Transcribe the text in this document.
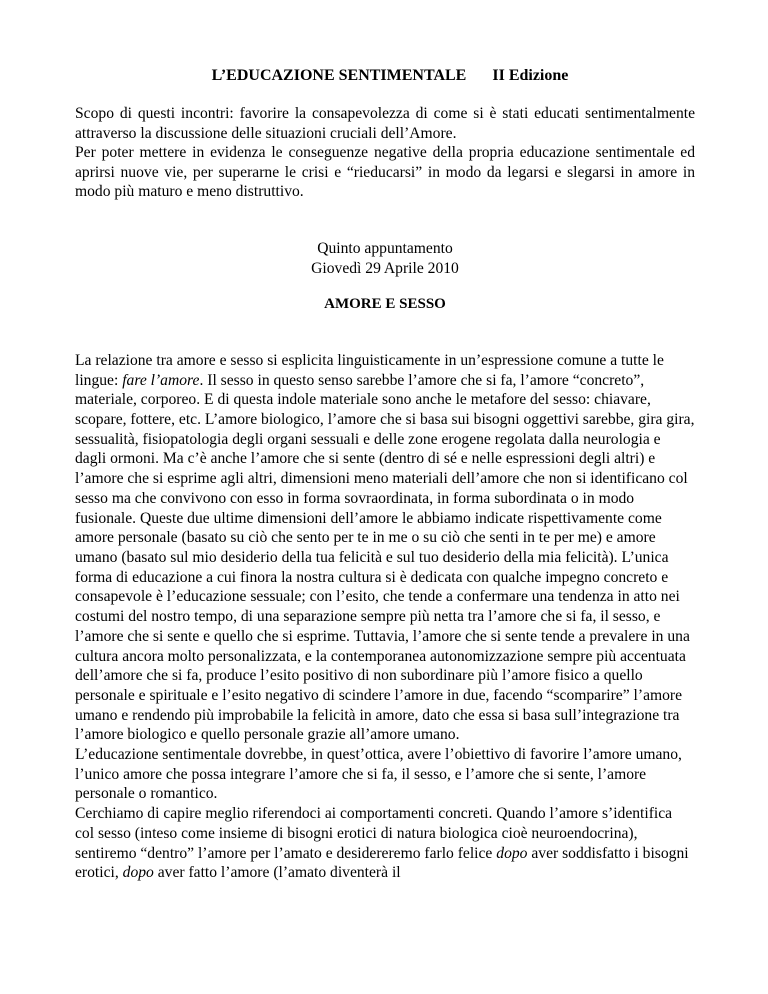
L’EDUCAZIONE SENTIMENTALE II Edizione

Scopo di questi incontri: favorire la consapevolezza di come si è stati educati sentimentalmente attraverso la discussione delle situazioni cruciali dell’Amore.

Per poter mettere in evidenza le conseguenze negative della propria educazione sentimentale ed aprirsi nuove vie, per superarne le crisi e “rieducarsi” in modo da legarsi e slegarsi in amore in modo più maturo e meno distruttivo.

Quinto appuntamento
Giovedì 29 Aprile 2010
AMORE E SESSO

La relazione tra amore e sesso si esplicita linguisticamente in un’espressione comune a tutte le lingue: fare l’amore. Il sesso in questo senso sarebbe l’amore che si fa, l’amore “concreto”, materiale, corporeo. E di questa indole materiale sono anche le metafore del sesso: chiavare, scopare, fottere, etc. L’amore biologico, l’amore che si basa sui bisogni oggettivi sarebbe, gira gira, sessualità, fisiopatologia degli organi sessuali e delle zone erogene regolata dalla neurologia e dagli ormoni. Ma c’è anche l’amore che si sente (dentro di sé e nelle espressioni degli altri) e l’amore che si esprime agli altri, dimensioni meno materiali dell’amore che non si identificano col sesso ma che convivono con esso in forma sovraordinata, in forma subordinata o in modo fusionale. Queste due ultime dimensioni dell’amore le abbiamo indicate rispettivamente come amore personale (basato su ciò che sento per te in me o su ciò che senti in te per me) e amore umano (basato sul mio desiderio della tua felicità e sul tuo desiderio della mia felicità). L’unica forma di educazione a cui finora la nostra cultura si è dedicata con qualche impegno concreto e consapevole è l’educazione sessuale; con l’esito, che tende a confermare una tendenza in atto nei costumi del nostro tempo, di una separazione sempre più netta tra l’amore che si fa, il sesso, e l’amore che si sente e quello che si esprime. Tuttavia, l’amore che si sente tende a prevalere in una cultura ancora molto personalizzata, e la contemporanea autonomizzazione sempre più accentuata dell’amore che si fa, produce l’esito positivo di non subordinare più l’amore fisico a quello personale e spirituale e l’esito negativo di scindere l’amore in due, facendo “scomparire” l’amore umano e rendendo più improbabile la felicità in amore, dato che essa si basa sull’integrazione tra l’amore biologico e quello personale grazie all’amore umano.

L’educazione sentimentale dovrebbe, in quest’ottica, avere l’obiettivo di favorire l’amore umano, l’unico amore che possa integrare l’amore che si fa, il sesso, e l’amore che si sente, l’amore personale o romantico.

Cerchiamo di capire meglio riferendoci ai comportamenti concreti. Quando l’amore s’identifica col sesso (inteso come insieme di bisogni erotici di natura biologica cioè neuroendocrina), sentiremo “dentro” l’amore per l’amato e desidereremo farlo felice dopo aver soddisfatto i bisogni erotici, dopo aver fatto l’amore (l’amato diventerà il
